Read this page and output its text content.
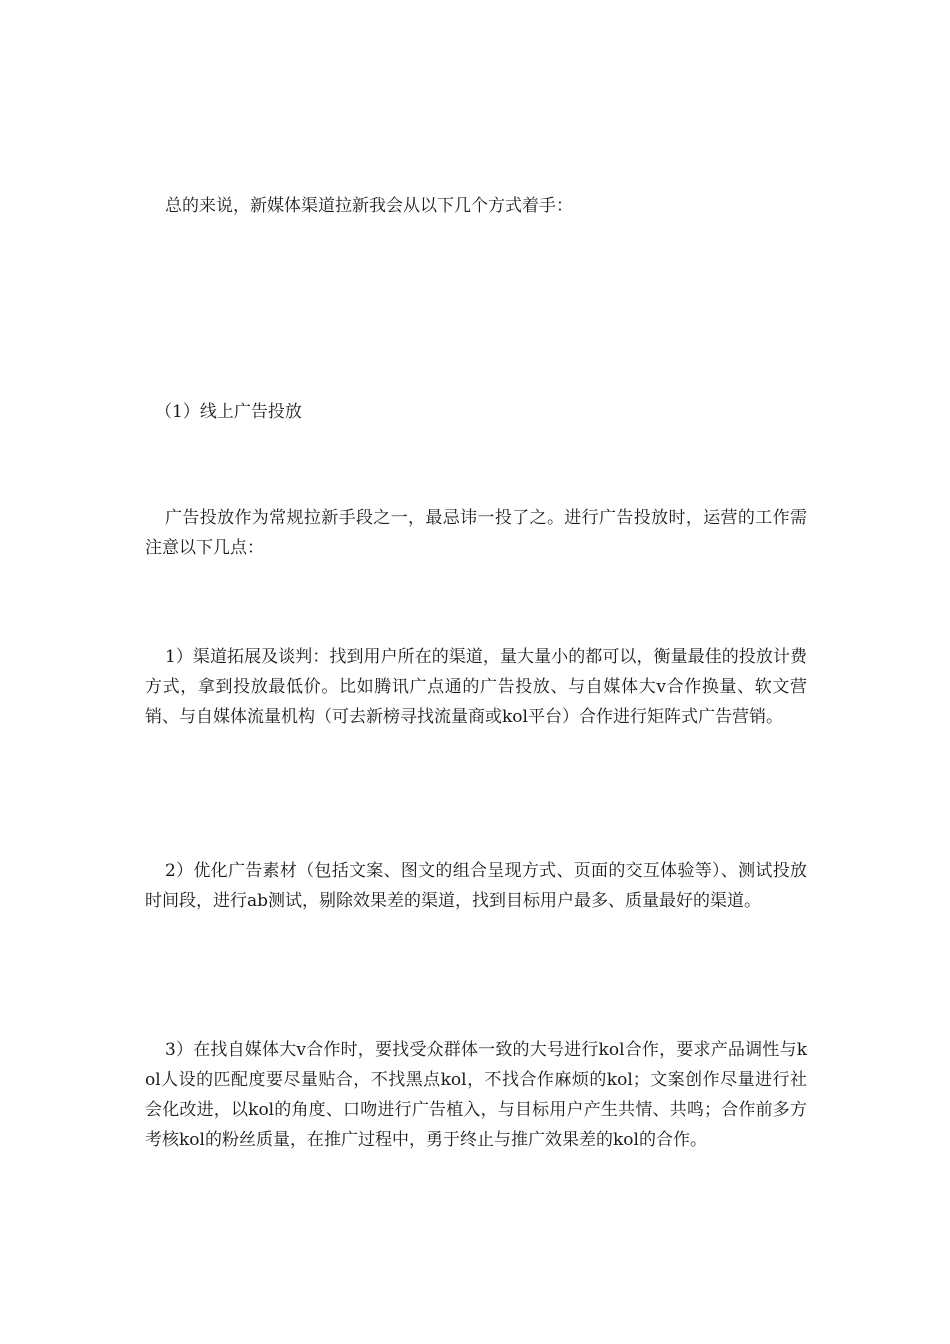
总的来说，新媒体渠道拉新我会从以下几个方式着手：

（1）线上广告投放

广告投放作为常规拉新手段之一，最忌讳一投了之。进行广告投放时，运营的工作需注意以下几点：

1）渠道拓展及谈判：找到用户所在的渠道，量大量小的都可以，衡量最佳的投放计费方式，拿到投放最低价。比如腾讯广点通的广告投放、与自媒体大v合作换量、软文营销、与自媒体流量机构（可去新榜寻找流量商或kol平台）合作进行矩阵式广告营销。

2）优化广告素材（包括文案、图文的组合呈现方式、页面的交互体验等）、测试投放时间段，进行ab测试，剔除效果差的渠道，找到目标用户最多、质量最好的渠道。

3）在找自媒体大v合作时，要找受众群体一致的大号进行kol合作，要求产品调性与kol人设的匹配度要尽量贴合，不找黑点kol，不找合作麻烦的kol；文案创作尽量进行社会化改进，以kol的角度、口吻进行广告植入，与目标用户产生共情、共鸣；合作前多方考核kol的粉丝质量，在推广过程中，勇于终止与推广效果差的kol的合作。
